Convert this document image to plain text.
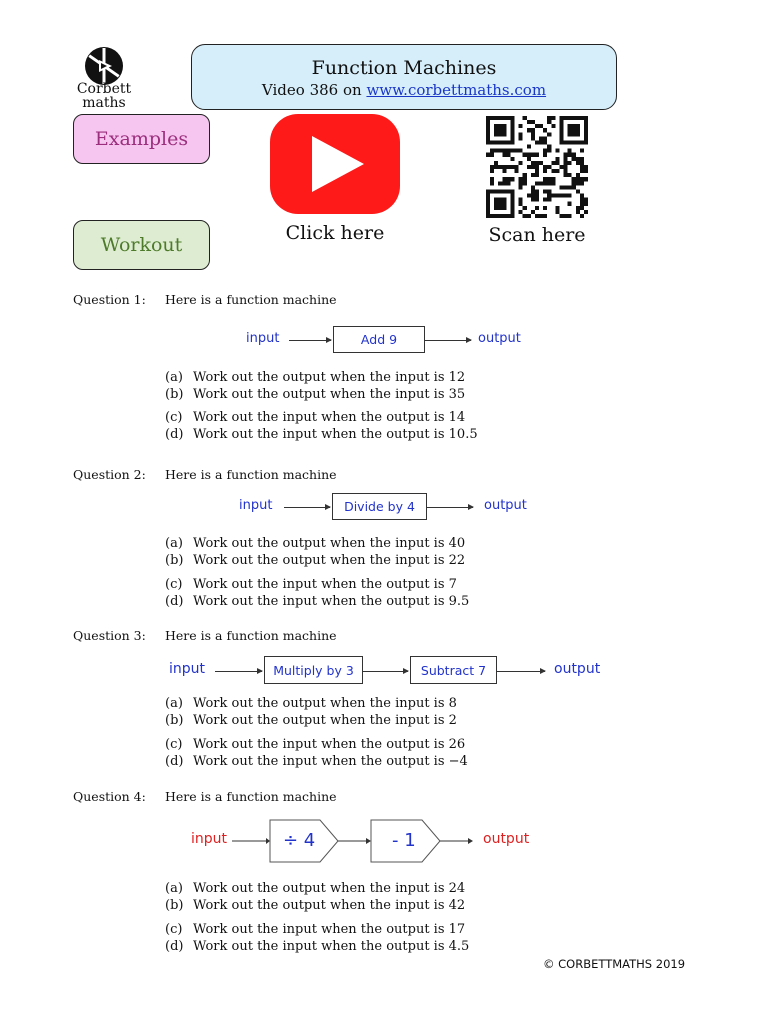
Corbett
maths
Function Machines
Video 386 on www.corbettmaths.com
Examples
Workout
Click here	Scan here
Question 1: Here is a function machine
input	Add 9	output
(a) Work out the output when the input is 12
(b) Work out the output when the input is 35
(c) Work out the input when the output is 14
(d) Work out the input when the output is 10.5
Question 2: Here is a function machine
input	Divide by 4	output
(a) Work out the output when the input is 40
(b) Work out the output when the input is 22
(c) Work out the input when the output is 7
(d) Work out the input when the output is 9.5
Question 3: Here is a function machine
input	Multiply by 3	Subtract 7	output
(a) Work out the output when the input is 8
(b) Work out the output when the input is 2
(c) Work out the input when the output is 26
(d) Work out the input when the output is −4
Question 4: Here is a function machine
input	÷ 4	- 1	output
(a) Work out the output when the input is 24
(b) Work out the output when the input is 42
(c) Work out the input when the output is 17
(d) Work out the input when the output is 4.5
© CORBETTMATHS 2019
